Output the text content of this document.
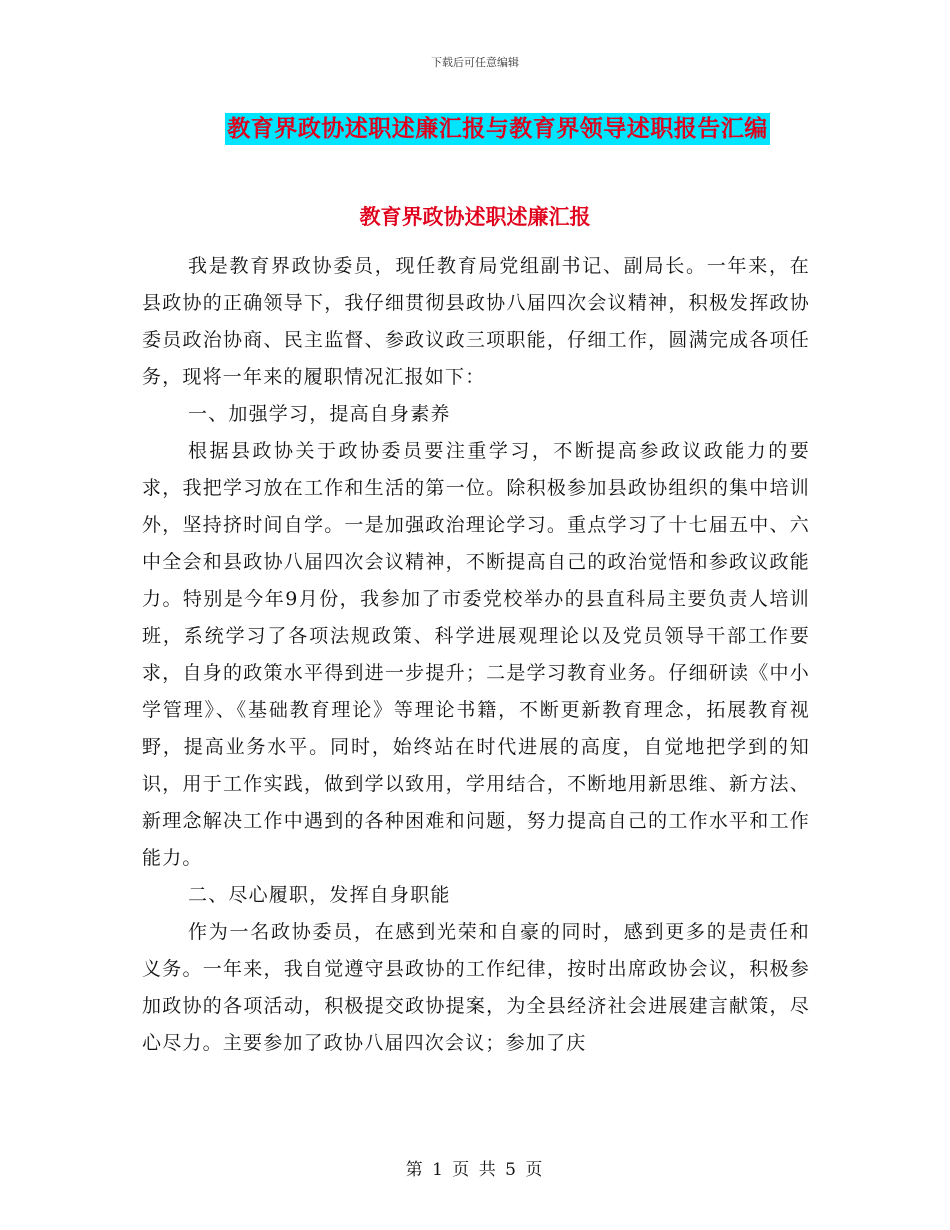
下载后可任意编辑
教育界政协述职述廉汇报与教育界领导述职报告汇编
教育界政协述职述廉汇报

我是教育界政协委员，现任教育局党组副书记、副局长。一年来，在县政协的正确领导下，我仔细贯彻县政协八届四次会议精神，积极发挥政协委员政治协商、民主监督、参政议政三项职能，仔细工作，圆满完成各项任务，现将一年来的履职情况汇报如下：

一、加强学习，提高自身素养

根据县政协关于政协委员要注重学习，不断提高参政议政能力的要求，我把学习放在工作和生活的第一位。除积极参加县政协组织的集中培训外，坚持挤时间自学。一是加强政治理论学习。重点学习了十七届五中、六中全会和县政协八届四次会议精神，不断提高自己的政治觉悟和参政议政能力。特别是今年9月份，我参加了市委党校举办的县直科局主要负责人培训班，系统学习了各项法规政策、科学进展观理论以及党员领导干部工作要求，自身的政策水平得到进一步提升；二是学习教育业务。仔细研读《中小学管理》、《基础教育理论》等理论书籍，不断更新教育理念，拓展教育视野，提高业务水平。同时，始终站在时代进展的高度，自觉地把学到的知识，用于工作实践，做到学以致用，学用结合，不断地用新思维、新方法、新理念解决工作中遇到的各种困难和问题，努力提高自己的工作水平和工作能力。

二、尽心履职，发挥自身职能

作为一名政协委员，在感到光荣和自豪的同时，感到更多的是责任和义务。一年来，我自觉遵守县政协的工作纪律，按时出席政协会议，积极参加政协的各项活动，积极提交政协提案，为全县经济社会进展建言献策，尽心尽力。主要参加了政协八届四次会议；参加了庆

第 1 页 共 5 页
